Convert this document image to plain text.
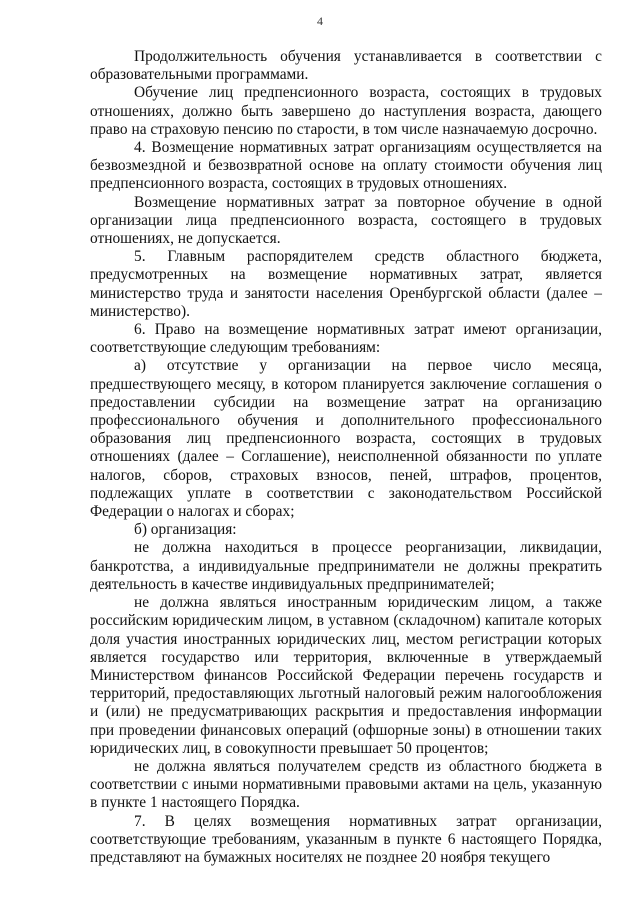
4

Продолжительность обучения устанавливается в соответствии с образовательными программами.

Обучение лиц предпенсионного возраста, состоящих в трудовых отношениях, должно быть завершено до наступления возраста, дающего право на страховую пенсию по старости, в том числе назначаемую досрочно.

4. Возмещение нормативных затрат организациям осуществляется на безвозмездной и безвозвратной основе на оплату стоимости обучения лиц предпенсионного возраста, состоящих в трудовых отношениях.

Возмещение нормативных затрат за повторное обучение в одной организации лица предпенсионного возраста, состоящего в трудовых отношениях, не допускается.

5. Главным распорядителем средств областного бюджета, предусмотренных на возмещение нормативных затрат, является министерство труда и занятости населения Оренбургской области (далее – министерство).

6. Право на возмещение нормативных затрат имеют организации, соответствующие следующим требованиям:

а) отсутствие у организации на первое число месяца, предшествующего месяцу, в котором планируется заключение соглашения о предоставлении субсидии на возмещение затрат на организацию профессионального обучения и дополнительного профессионального образования лиц предпенсионного возраста, состоящих в трудовых отношениях (далее – Соглашение), неисполненной обязанности по уплате налогов, сборов, страховых взносов, пеней, штрафов, процентов, подлежащих уплате в соответствии с законодательством Российской Федерации о налогах и сборах;

б) организация:

не должна находиться в процессе реорганизации, ликвидации, банкротства, а индивидуальные предприниматели не должны прекратить деятельность в качестве индивидуальных предпринимателей;

не должна являться иностранным юридическим лицом, а также российским юридическим лицом, в уставном (складочном) капитале которых доля участия иностранных юридических лиц, местом регистрации которых является государство или территория, включенные в утверждаемый Министерством финансов Российской Федерации перечень государств и территорий, предоставляющих льготный налоговый режим налогообложения и (или) не предусматривающих раскрытия и предоставления информации при проведении финансовых операций (офшорные зоны) в отношении таких юридических лиц, в совокупности превышает 50 процентов;

не должна являться получателем средств из областного бюджета в соответствии с иными нормативными правовыми актами на цель, указанную в пункте 1 настоящего Порядка.

7. В целях возмещения нормативных затрат организации, соответствующие требованиям, указанным в пункте 6 настоящего Порядка, представляют на бумажных носителях не позднее 20 ноября текущего
